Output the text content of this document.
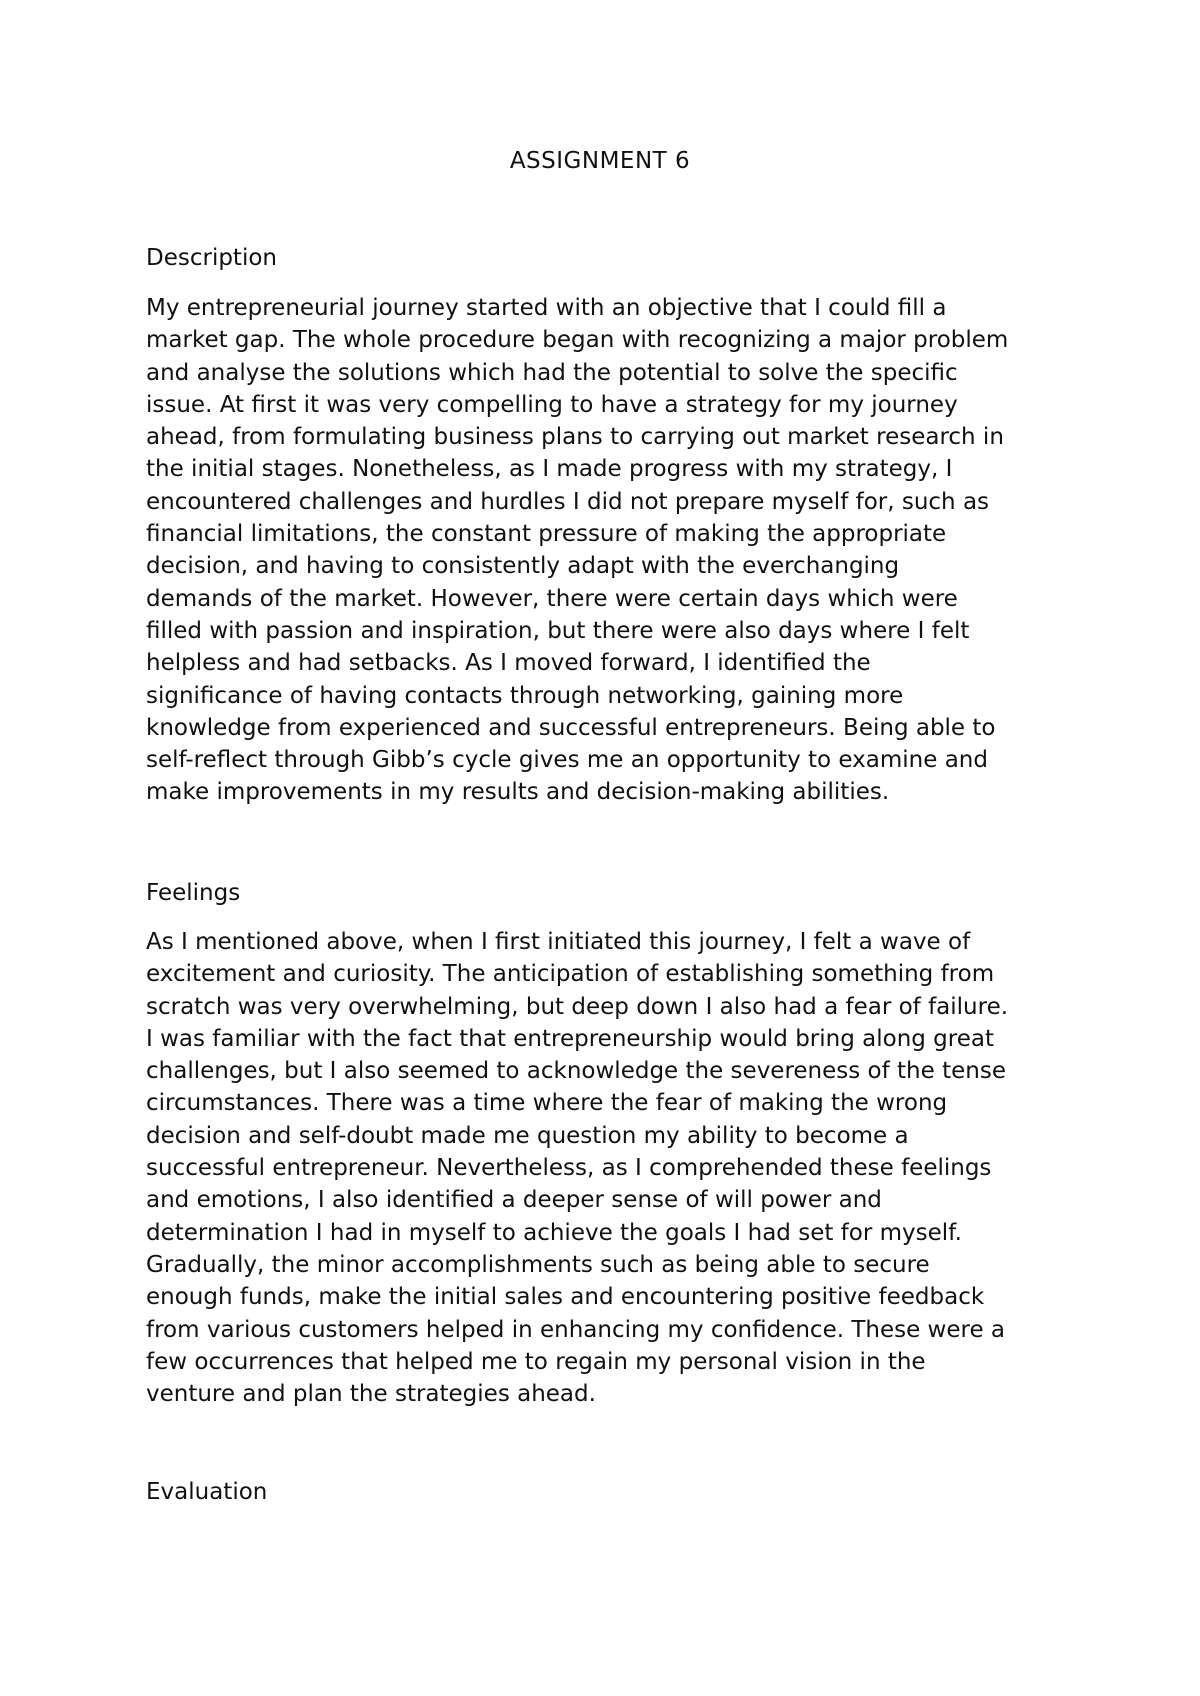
ASSIGNMENT 6
Description

My entrepreneurial journey started with an objective that I could fill a
market gap. The whole procedure began with recognizing a major problem
and analyse the solutions which had the potential to solve the specific
issue. At first it was very compelling to have a strategy for my journey
ahead, from formulating business plans to carrying out market research in
the initial stages. Nonetheless, as I made progress with my strategy, I
encountered challenges and hurdles I did not prepare myself for, such as
financial limitations, the constant pressure of making the appropriate
decision, and having to consistently adapt with the everchanging
demands of the market. However, there were certain days which were
filled with passion and inspiration, but there were also days where I felt
helpless and had setbacks. As I moved forward, I identified the
significance of having contacts through networking, gaining more
knowledge from experienced and successful entrepreneurs. Being able to
self-reflect through Gibb’s cycle gives me an opportunity to examine and
make improvements in my results and decision-making abilities.

Feelings

As I mentioned above, when I first initiated this journey, I felt a wave of
excitement and curiosity. The anticipation of establishing something from
scratch was very overwhelming, but deep down I also had a fear of failure.
I was familiar with the fact that entrepreneurship would bring along great
challenges, but I also seemed to acknowledge the severeness of the tense
circumstances. There was a time where the fear of making the wrong
decision and self-doubt made me question my ability to become a
successful entrepreneur. Nevertheless, as I comprehended these feelings
and emotions, I also identified a deeper sense of will power and
determination I had in myself to achieve the goals I had set for myself.
Gradually, the minor accomplishments such as being able to secure
enough funds, make the initial sales and encountering positive feedback
from various customers helped in enhancing my confidence. These were a
few occurrences that helped me to regain my personal vision in the
venture and plan the strategies ahead.

Evaluation
